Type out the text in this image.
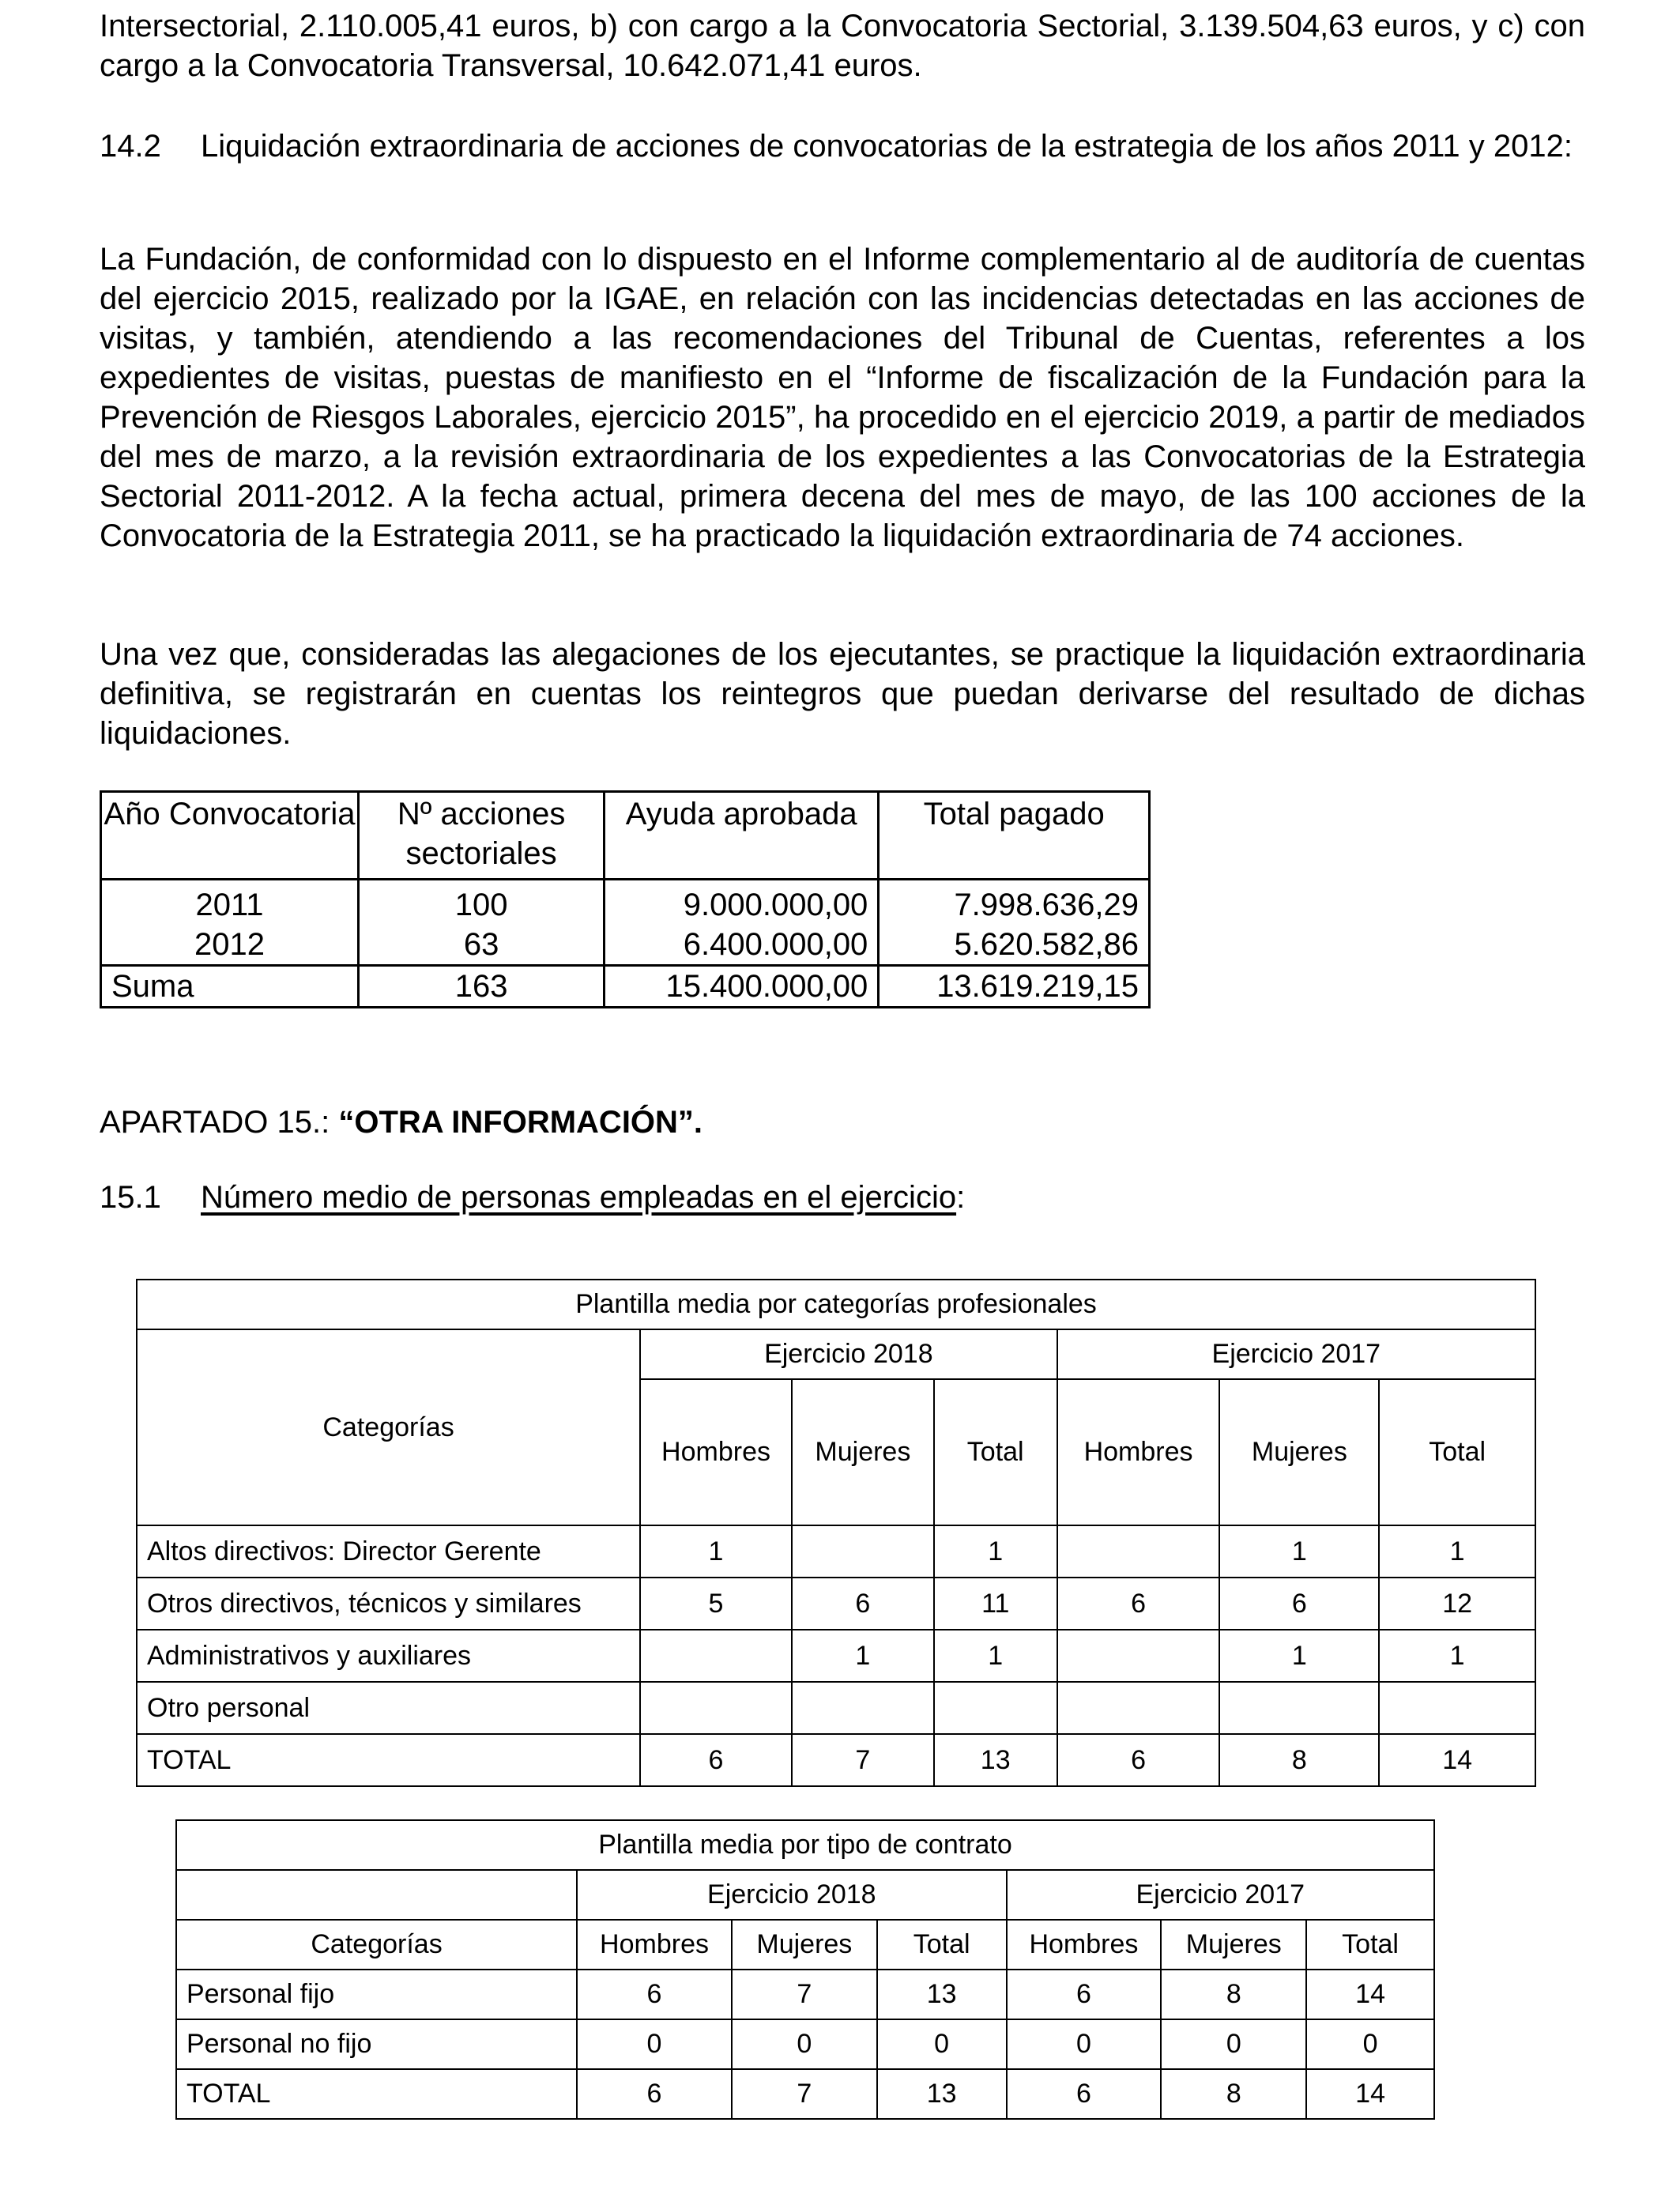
Intersectorial, 2.110.005,41 euros, b) con cargo a la Convocatoria Sectorial, 3.139.504,63 euros, y c) con cargo a la Convocatoria Transversal, 10.642.071,41 euros.

14.2 Liquidación extraordinaria de acciones de convocatorias de la estrategia de los años 2011 y 2012:

La Fundación, de conformidad con lo dispuesto en el Informe complementario al de auditoría de cuentas del ejercicio 2015, realizado por la IGAE, en relación con las incidencias detectadas en las acciones de visitas, y también, atendiendo a las recomendaciones del Tribunal de Cuentas, referentes a los expedientes de visitas, puestas de manifiesto en el “Informe de fiscalización de la Fundación para la Prevención de Riesgos Laborales, ejercicio 2015”, ha procedido en el ejercicio 2019, a partir de mediados del mes de marzo, a la revisión extraordinaria de los expedientes a las Convocatorias de la Estrategia Sectorial 2011-2012. A la fecha actual, primera decena del mes de mayo, de las 100 acciones de la Convocatoria de la Estrategia 2011, se ha practicado la liquidación extraordinaria de 74 acciones.

Una vez que, consideradas las alegaciones de los ejecutantes, se practique la liquidación extraordinaria definitiva, se registrarán en cuentas los reintegros que puedan derivarse del resultado de dichas liquidaciones.

Año Convocatoria	Nº acciones sectoriales	Ayuda aprobada	Total pagado
2011	100	9.000.000,00	7.998.636,29
2012	63	6.400.000,00	5.620.582,86
Suma	163	15.400.000,00	13.619.219,15
APARTADO 15.: “OTRA INFORMACIÓN”.
15.1 Número medio de personas empleadas en el ejercicio:
Plantilla media por categorías profesionales						
Categorías	Ejercicio 2018			Ejercicio 2017		
	Hombres	Mujeres	Total	Hombres	Mujeres	Total
Altos directivos: Director Gerente	1		1		1	1
Otros directivos, técnicos y similares	5	6	11	6	6	12
Administrativos y auxiliares		1	1		1	1
Otro personal						
TOTAL	6	7	13	6	8	14
Plantilla media por tipo de contrato						
	Ejercicio 2018			Ejercicio 2017		
Categorías	Hombres	Mujeres	Total	Hombres	Mujeres	Total
Personal fijo	6	7	13	6	8	14
Personal no fijo	0	0	0	0	0	0
TOTAL	6	7	13	6	8	14
